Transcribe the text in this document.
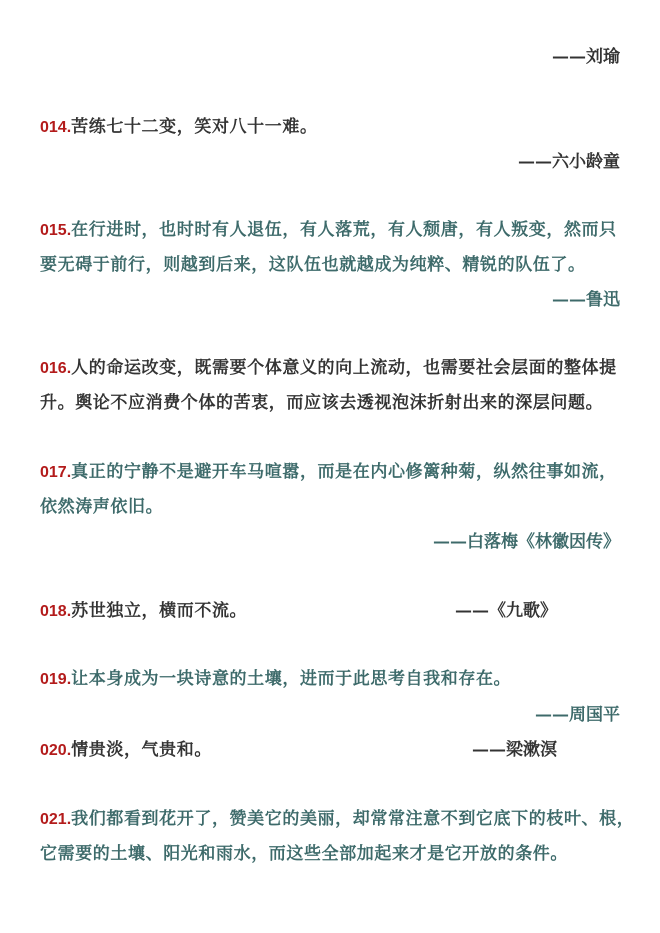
——刘瑜
014.苦练七十二变，笑对八十一难。
——六小龄童
015.在行进时，也时时有人退伍，有人落荒，有人颓唐，有人叛变，然而只
要无碍于前行，则越到后来，这队伍也就越成为纯粹、精锐的队伍了。
——鲁迅
016.人的命运改变，既需要个体意义的向上流动，也需要社会层面的整体提
升。舆论不应消费个体的苦衷，而应该去透视泡沫折射出来的深层问题。
017.真正的宁静不是避开车马喧嚣，而是在内心修篱种菊，纵然往事如流，
依然涛声依旧。
——白落梅《林徽因传》
018.苏世独立，横而不流。	——《九歌》
019.让本身成为一块诗意的土壤，进而于此思考自我和存在。
——周国平
020.情贵淡，气贵和。	——梁漱溟
021.我们都看到花开了，赞美它的美丽，却常常注意不到它底下的枝叶、根，
它需要的土壤、阳光和雨水，而这些全部加起来才是它开放的条件。
